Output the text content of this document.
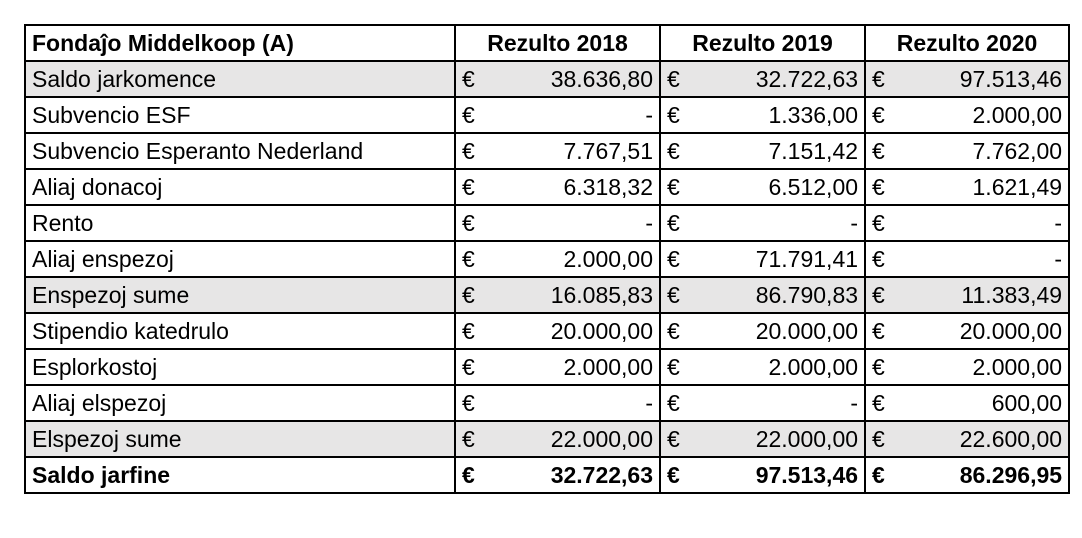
Fondaĵo Middelkoop (A)	Rezulto 2018		Rezulto 2019		Rezulto 2020	
Saldo jarkomence	€	38.636,80	€	32.722,63	€	97.513,46
Subvencio ESF	€	-	€	1.336,00	€	2.000,00
Subvencio Esperanto Nederland	€	7.767,51	€	7.151,42	€	7.762,00
Aliaj donacoj	€	6.318,32	€	6.512,00	€	1.621,49
Rento	€	-	€	-	€	-
Aliaj enspezoj	€	2.000,00	€	71.791,41	€	-
Enspezoj sume	€	16.085,83	€	86.790,83	€	11.383,49
Stipendio katedrulo	€	20.000,00	€	20.000,00	€	20.000,00
Esplorkostoj	€	2.000,00	€	2.000,00	€	2.000,00
Aliaj elspezoj	€	-	€	-	€	600,00
Elspezoj sume	€	22.000,00	€	22.000,00	€	22.600,00
Saldo jarfine	€	32.722,63	€	97.513,46	€	86.296,95
